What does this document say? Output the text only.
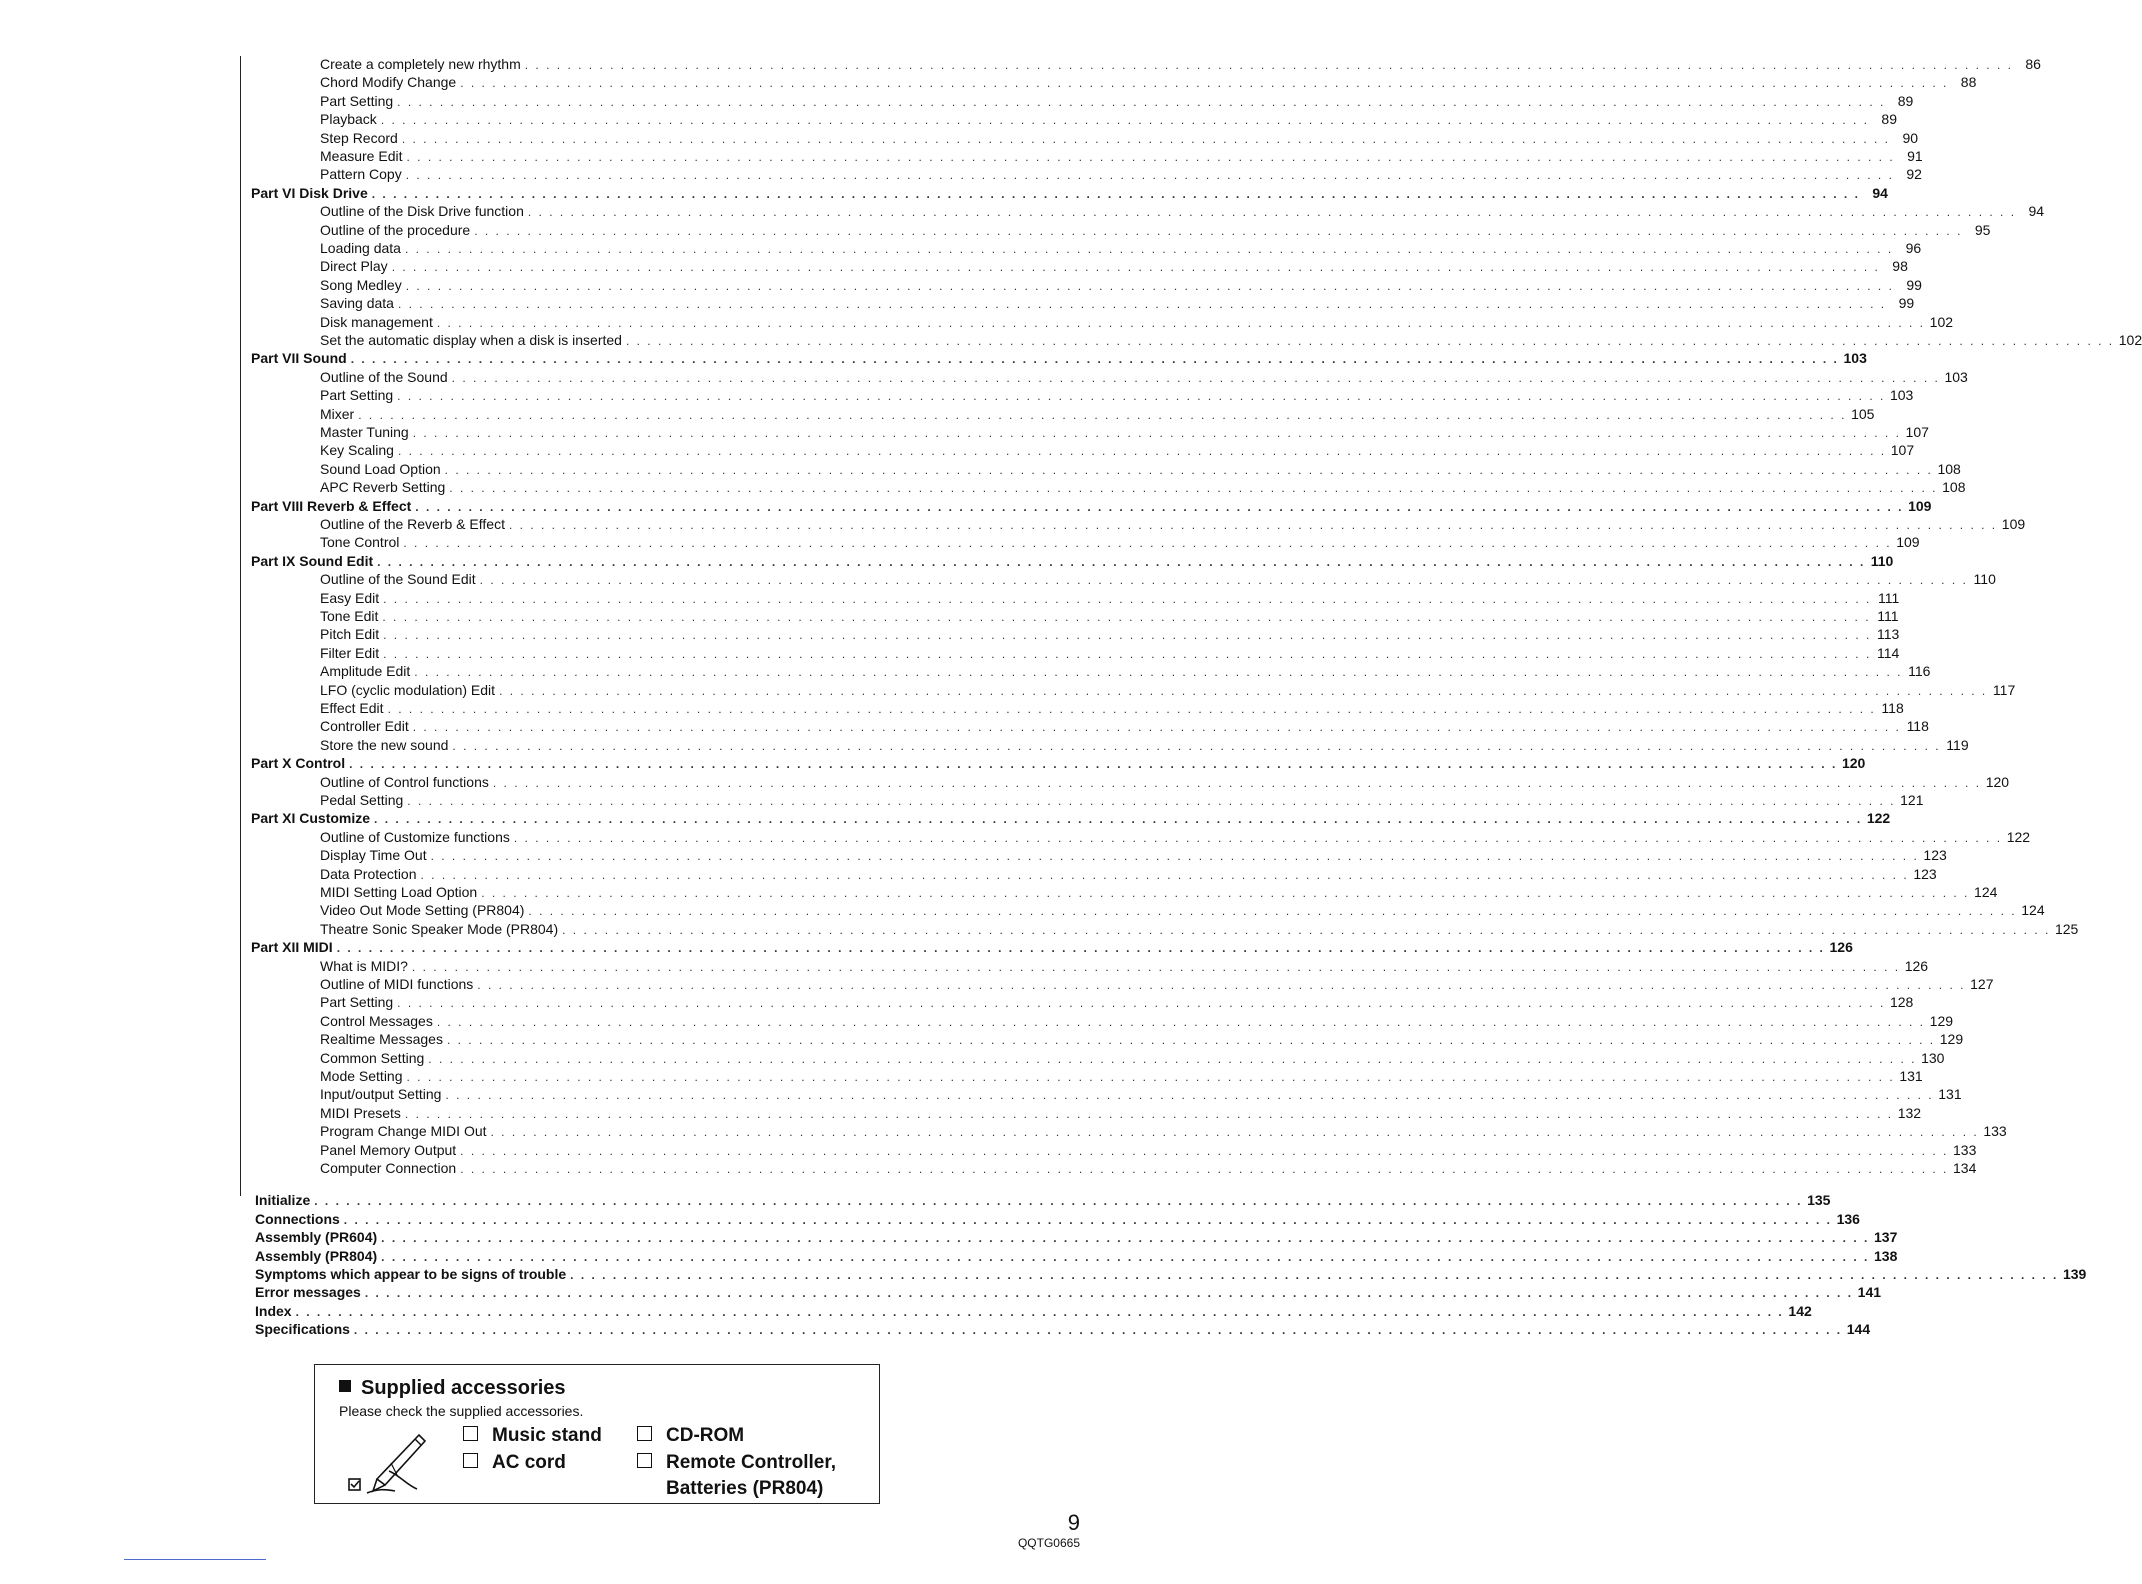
Create a completely new rhythm . . . . . . . . . . . . . . . . . . . . . . . . . . . . . . . . . . . . . . . . . . . . . . . . . . . . . . . . . . . . . . . . . . . . . . . . . . . . . . . . . . . . . . . . . . . . . . . . . . . . . . . . . . . . . . . . . . . . . . . . . . . . . . . . . . . . . . . . . . . . 86
Chord Modify Change . . . . . . . . . . . . . . . . . . . . . . . . . . . . . . . . . . . . . . . . . . . . . . . . . . . . . . . . . . . . . . . . . . . . . . . . . . . . . . . . . . . . . . . . . . . . . . . . . . . . . . . . . . . . . . . . . . . . . . . . . . . . . . . . . . . . . . . . . . . . 88
Part Setting . . . . . . . . . . . . . . . . . . . . . . . . . . . . . . . . . . . . . . . . . . . . . . . . . . . . . . . . . . . . . . . . . . . . . . . . . . . . . . . . . . . . . . . . . . . . . . . . . . . . . . . . . . . . . . . . . . . . . . . . . . . . . . . . . . . . . . . . . . . . 89
Playback . . . . . . . . . . . . . . . . . . . . . . . . . . . . . . . . . . . . . . . . . . . . . . . . . . . . . . . . . . . . . . . . . . . . . . . . . . . . . . . . . . . . . . . . . . . . . . . . . . . . . . . . . . . . . . . . . . . . . . . . . . . . . . . . . . . . . . . . . . . . 89
Step Record . . . . . . . . . . . . . . . . . . . . . . . . . . . . . . . . . . . . . . . . . . . . . . . . . . . . . . . . . . . . . . . . . . . . . . . . . . . . . . . . . . . . . . . . . . . . . . . . . . . . . . . . . . . . . . . . . . . . . . . . . . . . . . . . . . . . . . . . . . . . 90
Measure Edit . . . . . . . . . . . . . . . . . . . . . . . . . . . . . . . . . . . . . . . . . . . . . . . . . . . . . . . . . . . . . . . . . . . . . . . . . . . . . . . . . . . . . . . . . . . . . . . . . . . . . . . . . . . . . . . . . . . . . . . . . . . . . . . . . . . . . . . . . . . . 91
Pattern Copy . . . . . . . . . . . . . . . . . . . . . . . . . . . . . . . . . . . . . . . . . . . . . . . . . . . . . . . . . . . . . . . . . . . . . . . . . . . . . . . . . . . . . . . . . . . . . . . . . . . . . . . . . . . . . . . . . . . . . . . . . . . . . . . . . . . . . . . . . . . . 92
Part VI Disk Drive . . . . . . . . . . . . . . . . . . . . . . . . . . . . . . . . . . . . . . . . . . . . . . . . . . . . . . . . . . . . . . . . . . . . . . . . . . . . . . . . . . . . . . . . . . . . . . . . . . . . . . . . . . . . . . . . . . . . . . . . . . . . . . . . . . . . . . . . . . . . 94
Outline of the Disk Drive function . . . . . . . . . . . . . . . . . . . . . . . . . . . . . . . . . . . . . . . . . . . . . . . . . . . . . . . . . . . . . . . . . . . . . . . . . . . . . . . . . . . . . . . . . . . . . . . . . . . . . . . . . . . . . . . . . . . . . . . . . . . . . . . . . . . . . . . . . . . . 94
Outline of the procedure . . . . . . . . . . . . . . . . . . . . . . . . . . . . . . . . . . . . . . . . . . . . . . . . . . . . . . . . . . . . . . . . . . . . . . . . . . . . . . . . . . . . . . . . . . . . . . . . . . . . . . . . . . . . . . . . . . . . . . . . . . . . . . . . . . . . . . . . . . . . 95
Loading data . . . . . . . . . . . . . . . . . . . . . . . . . . . . . . . . . . . . . . . . . . . . . . . . . . . . . . . . . . . . . . . . . . . . . . . . . . . . . . . . . . . . . . . . . . . . . . . . . . . . . . . . . . . . . . . . . . . . . . . . . . . . . . . . . . . . . . . . . . . . 96
Direct Play . . . . . . . . . . . . . . . . . . . . . . . . . . . . . . . . . . . . . . . . . . . . . . . . . . . . . . . . . . . . . . . . . . . . . . . . . . . . . . . . . . . . . . . . . . . . . . . . . . . . . . . . . . . . . . . . . . . . . . . . . . . . . . . . . . . . . . . . . . . . 98
Song Medley . . . . . . . . . . . . . . . . . . . . . . . . . . . . . . . . . . . . . . . . . . . . . . . . . . . . . . . . . . . . . . . . . . . . . . . . . . . . . . . . . . . . . . . . . . . . . . . . . . . . . . . . . . . . . . . . . . . . . . . . . . . . . . . . . . . . . . . . . . . . 99
Saving data . . . . . . . . . . . . . . . . . . . . . . . . . . . . . . . . . . . . . . . . . . . . . . . . . . . . . . . . . . . . . . . . . . . . . . . . . . . . . . . . . . . . . . . . . . . . . . . . . . . . . . . . . . . . . . . . . . . . . . . . . . . . . . . . . . . . . . . . . . . . 99
Disk management . . . . . . . . . . . . . . . . . . . . . . . . . . . . . . . . . . . . . . . . . . . . . . . . . . . . . . . . . . . . . . . . . . . . . . . . . . . . . . . . . . . . . . . . . . . . . . . . . . . . . . . . . . . . . . . . . . . . . . . . . . . . . . . . . . . . . . . . . . . . 102
Set the automatic display when a disk is inserted . . . . . . . . . . . . . . . . . . . . . . . . . . . . . . . . . . . . . . . . . . . . . . . . . . . . . . . . . . . . . . . . . . . . . . . . . . . . . . . . . . . . . . . . . . . . . . . . . . . . . . . . . . . . . . . . . . . . . . . . . . . . . . . . . . . . . . . . . . . . 102
Part VII Sound . . . . . . . . . . . . . . . . . . . . . . . . . . . . . . . . . . . . . . . . . . . . . . . . . . . . . . . . . . . . . . . . . . . . . . . . . . . . . . . . . . . . . . . . . . . . . . . . . . . . . . . . . . . . . . . . . . . . . . . . . . . . . . . . . . . . . . . . . . . . 103
Outline of the Sound . . . . . . . . . . . . . . . . . . . . . . . . . . . . . . . . . . . . . . . . . . . . . . . . . . . . . . . . . . . . . . . . . . . . . . . . . . . . . . . . . . . . . . . . . . . . . . . . . . . . . . . . . . . . . . . . . . . . . . . . . . . . . . . . . . . . . . . . . . . . 103
Part Setting . . . . . . . . . . . . . . . . . . . . . . . . . . . . . . . . . . . . . . . . . . . . . . . . . . . . . . . . . . . . . . . . . . . . . . . . . . . . . . . . . . . . . . . . . . . . . . . . . . . . . . . . . . . . . . . . . . . . . . . . . . . . . . . . . . . . . . . . . . . . 103
Mixer . . . . . . . . . . . . . . . . . . . . . . . . . . . . . . . . . . . . . . . . . . . . . . . . . . . . . . . . . . . . . . . . . . . . . . . . . . . . . . . . . . . . . . . . . . . . . . . . . . . . . . . . . . . . . . . . . . . . . . . . . . . . . . . . . . . . . . . . . . . . 105
Master Tuning . . . . . . . . . . . . . . . . . . . . . . . . . . . . . . . . . . . . . . . . . . . . . . . . . . . . . . . . . . . . . . . . . . . . . . . . . . . . . . . . . . . . . . . . . . . . . . . . . . . . . . . . . . . . . . . . . . . . . . . . . . . . . . . . . . . . . . . . . . . . 107
Key Scaling . . . . . . . . . . . . . . . . . . . . . . . . . . . . . . . . . . . . . . . . . . . . . . . . . . . . . . . . . . . . . . . . . . . . . . . . . . . . . . . . . . . . . . . . . . . . . . . . . . . . . . . . . . . . . . . . . . . . . . . . . . . . . . . . . . . . . . . . . . . . 107
Sound Load Option . . . . . . . . . . . . . . . . . . . . . . . . . . . . . . . . . . . . . . . . . . . . . . . . . . . . . . . . . . . . . . . . . . . . . . . . . . . . . . . . . . . . . . . . . . . . . . . . . . . . . . . . . . . . . . . . . . . . . . . . . . . . . . . . . . . . . . . . . . . . 108
APC Reverb Setting . . . . . . . . . . . . . . . . . . . . . . . . . . . . . . . . . . . . . . . . . . . . . . . . . . . . . . . . . . . . . . . . . . . . . . . . . . . . . . . . . . . . . . . . . . . . . . . . . . . . . . . . . . . . . . . . . . . . . . . . . . . . . . . . . . . . . . . . . . . . 108
Part VIII Reverb & Effect . . . . . . . . . . . . . . . . . . . . . . . . . . . . . . . . . . . . . . . . . . . . . . . . . . . . . . . . . . . . . . . . . . . . . . . . . . . . . . . . . . . . . . . . . . . . . . . . . . . . . . . . . . . . . . . . . . . . . . . . . . . . . . . . . . . . . . . . . . . . 109
Outline of the Reverb & Effect . . . . . . . . . . . . . . . . . . . . . . . . . . . . . . . . . . . . . . . . . . . . . . . . . . . . . . . . . . . . . . . . . . . . . . . . . . . . . . . . . . . . . . . . . . . . . . . . . . . . . . . . . . . . . . . . . . . . . . . . . . . . . . . . . . . . . . . . . . . . 109
Tone Control . . . . . . . . . . . . . . . . . . . . . . . . . . . . . . . . . . . . . . . . . . . . . . . . . . . . . . . . . . . . . . . . . . . . . . . . . . . . . . . . . . . . . . . . . . . . . . . . . . . . . . . . . . . . . . . . . . . . . . . . . . . . . . . . . . . . . . . . . . . . 109
Part IX Sound Edit . . . . . . . . . . . . . . . . . . . . . . . . . . . . . . . . . . . . . . . . . . . . . . . . . . . . . . . . . . . . . . . . . . . . . . . . . . . . . . . . . . . . . . . . . . . . . . . . . . . . . . . . . . . . . . . . . . . . . . . . . . . . . . . . . . . . . . . . . . . . 110
Outline of the Sound Edit . . . . . . . . . . . . . . . . . . . . . . . . . . . . . . . . . . . . . . . . . . . . . . . . . . . . . . . . . . . . . . . . . . . . . . . . . . . . . . . . . . . . . . . . . . . . . . . . . . . . . . . . . . . . . . . . . . . . . . . . . . . . . . . . . . . . . . . . . . . . 110
Easy Edit . . . . . . . . . . . . . . . . . . . . . . . . . . . . . . . . . . . . . . . . . . . . . . . . . . . . . . . . . . . . . . . . . . . . . . . . . . . . . . . . . . . . . . . . . . . . . . . . . . . . . . . . . . . . . . . . . . . . . . . . . . . . . . . . . . . . . . . . . . . . 111
Tone Edit . . . . . . . . . . . . . . . . . . . . . . . . . . . . . . . . . . . . . . . . . . . . . . . . . . . . . . . . . . . . . . . . . . . . . . . . . . . . . . . . . . . . . . . . . . . . . . . . . . . . . . . . . . . . . . . . . . . . . . . . . . . . . . . . . . . . . . . . . . . . 111
Pitch Edit . . . . . . . . . . . . . . . . . . . . . . . . . . . . . . . . . . . . . . . . . . . . . . . . . . . . . . . . . . . . . . . . . . . . . . . . . . . . . . . . . . . . . . . . . . . . . . . . . . . . . . . . . . . . . . . . . . . . . . . . . . . . . . . . . . . . . . . . . . . . 113
Filter Edit . . . . . . . . . . . . . . . . . . . . . . . . . . . . . . . . . . . . . . . . . . . . . . . . . . . . . . . . . . . . . . . . . . . . . . . . . . . . . . . . . . . . . . . . . . . . . . . . . . . . . . . . . . . . . . . . . . . . . . . . . . . . . . . . . . . . . . . . . . . . 114
Amplitude Edit . . . . . . . . . . . . . . . . . . . . . . . . . . . . . . . . . . . . . . . . . . . . . . . . . . . . . . . . . . . . . . . . . . . . . . . . . . . . . . . . . . . . . . . . . . . . . . . . . . . . . . . . . . . . . . . . . . . . . . . . . . . . . . . . . . . . . . . . . . . . 116
LFO (cyclic modulation) Edit . . . . . . . . . . . . . . . . . . . . . . . . . . . . . . . . . . . . . . . . . . . . . . . . . . . . . . . . . . . . . . . . . . . . . . . . . . . . . . . . . . . . . . . . . . . . . . . . . . . . . . . . . . . . . . . . . . . . . . . . . . . . . . . . . . . . . . . . . . . . 117
Effect Edit . . . . . . . . . . . . . . . . . . . . . . . . . . . . . . . . . . . . . . . . . . . . . . . . . . . . . . . . . . . . . . . . . . . . . . . . . . . . . . . . . . . . . . . . . . . . . . . . . . . . . . . . . . . . . . . . . . . . . . . . . . . . . . . . . . . . . . . . . . . . 118
Controller Edit . . . . . . . . . . . . . . . . . . . . . . . . . . . . . . . . . . . . . . . . . . . . . . . . . . . . . . . . . . . . . . . . . . . . . . . . . . . . . . . . . . . . . . . . . . . . . . . . . . . . . . . . . . . . . . . . . . . . . . . . . . . . . . . . . . . . . . . . . . . . 118
Store the new sound . . . . . . . . . . . . . . . . . . . . . . . . . . . . . . . . . . . . . . . . . . . . . . . . . . . . . . . . . . . . . . . . . . . . . . . . . . . . . . . . . . . . . . . . . . . . . . . . . . . . . . . . . . . . . . . . . . . . . . . . . . . . . . . . . . . . . . . . . . . . 119
Part X Control . . . . . . . . . . . . . . . . . . . . . . . . . . . . . . . . . . . . . . . . . . . . . . . . . . . . . . . . . . . . . . . . . . . . . . . . . . . . . . . . . . . . . . . . . . . . . . . . . . . . . . . . . . . . . . . . . . . . . . . . . . . . . . . . . . . . . . . . . . . . 120
Outline of Control functions . . . . . . . . . . . . . . . . . . . . . . . . . . . . . . . . . . . . . . . . . . . . . . . . . . . . . . . . . . . . . . . . . . . . . . . . . . . . . . . . . . . . . . . . . . . . . . . . . . . . . . . . . . . . . . . . . . . . . . . . . . . . . . . . . . . . . . . . . . . . 120
Pedal Setting . . . . . . . . . . . . . . . . . . . . . . . . . . . . . . . . . . . . . . . . . . . . . . . . . . . . . . . . . . . . . . . . . . . . . . . . . . . . . . . . . . . . . . . . . . . . . . . . . . . . . . . . . . . . . . . . . . . . . . . . . . . . . . . . . . . . . . . . . . . . 121
Part XI Customize . . . . . . . . . . . . . . . . . . . . . . . . . . . . . . . . . . . . . . . . . . . . . . . . . . . . . . . . . . . . . . . . . . . . . . . . . . . . . . . . . . . . . . . . . . . . . . . . . . . . . . . . . . . . . . . . . . . . . . . . . . . . . . . . . . . . . . . . . . . . 122
Outline of Customize functions . . . . . . . . . . . . . . . . . . . . . . . . . . . . . . . . . . . . . . . . . . . . . . . . . . . . . . . . . . . . . . . . . . . . . . . . . . . . . . . . . . . . . . . . . . . . . . . . . . . . . . . . . . . . . . . . . . . . . . . . . . . . . . . . . . . . . . . . . . . . 122
Display Time Out . . . . . . . . . . . . . . . . . . . . . . . . . . . . . . . . . . . . . . . . . . . . . . . . . . . . . . . . . . . . . . . . . . . . . . . . . . . . . . . . . . . . . . . . . . . . . . . . . . . . . . . . . . . . . . . . . . . . . . . . . . . . . . . . . . . . . . . . . . . . 123
Data Protection . . . . . . . . . . . . . . . . . . . . . . . . . . . . . . . . . . . . . . . . . . . . . . . . . . . . . . . . . . . . . . . . . . . . . . . . . . . . . . . . . . . . . . . . . . . . . . . . . . . . . . . . . . . . . . . . . . . . . . . . . . . . . . . . . . . . . . . . . . . . 123
MIDI Setting Load Option . . . . . . . . . . . . . . . . . . . . . . . . . . . . . . . . . . . . . . . . . . . . . . . . . . . . . . . . . . . . . . . . . . . . . . . . . . . . . . . . . . . . . . . . . . . . . . . . . . . . . . . . . . . . . . . . . . . . . . . . . . . . . . . . . . . . . . . . . . . . 124
Video Out Mode Setting (PR804) . . . . . . . . . . . . . . . . . . . . . . . . . . . . . . . . . . . . . . . . . . . . . . . . . . . . . . . . . . . . . . . . . . . . . . . . . . . . . . . . . . . . . . . . . . . . . . . . . . . . . . . . . . . . . . . . . . . . . . . . . . . . . . . . . . . . . . . . . . . . 124
Theatre Sonic Speaker Mode (PR804) . . . . . . . . . . . . . . . . . . . . . . . . . . . . . . . . . . . . . . . . . . . . . . . . . . . . . . . . . . . . . . . . . . . . . . . . . . . . . . . . . . . . . . . . . . . . . . . . . . . . . . . . . . . . . . . . . . . . . . . . . . . . . . . . . . . . . . . . . . . . 125
Part XII MIDI . . . . . . . . . . . . . . . . . . . . . . . . . . . . . . . . . . . . . . . . . . . . . . . . . . . . . . . . . . . . . . . . . . . . . . . . . . . . . . . . . . . . . . . . . . . . . . . . . . . . . . . . . . . . . . . . . . . . . . . . . . . . . . . . . . . . . . . . . . . . 126
What is MIDI? . . . . . . . . . . . . . . . . . . . . . . . . . . . . . . . . . . . . . . . . . . . . . . . . . . . . . . . . . . . . . . . . . . . . . . . . . . . . . . . . . . . . . . . . . . . . . . . . . . . . . . . . . . . . . . . . . . . . . . . . . . . . . . . . . . . . . . . . . . . . 126
Outline of MIDI functions . . . . . . . . . . . . . . . . . . . . . . . . . . . . . . . . . . . . . . . . . . . . . . . . . . . . . . . . . . . . . . . . . . . . . . . . . . . . . . . . . . . . . . . . . . . . . . . . . . . . . . . . . . . . . . . . . . . . . . . . . . . . . . . . . . . . . . . . . . . . 127
Part Setting . . . . . . . . . . . . . . . . . . . . . . . . . . . . . . . . . . . . . . . . . . . . . . . . . . . . . . . . . . . . . . . . . . . . . . . . . . . . . . . . . . . . . . . . . . . . . . . . . . . . . . . . . . . . . . . . . . . . . . . . . . . . . . . . . . . . . . . . . . . . 128
Control Messages . . . . . . . . . . . . . . . . . . . . . . . . . . . . . . . . . . . . . . . . . . . . . . . . . . . . . . . . . . . . . . . . . . . . . . . . . . . . . . . . . . . . . . . . . . . . . . . . . . . . . . . . . . . . . . . . . . . . . . . . . . . . . . . . . . . . . . . . . . . . 129
Realtime Messages . . . . . . . . . . . . . . . . . . . . . . . . . . . . . . . . . . . . . . . . . . . . . . . . . . . . . . . . . . . . . . . . . . . . . . . . . . . . . . . . . . . . . . . . . . . . . . . . . . . . . . . . . . . . . . . . . . . . . . . . . . . . . . . . . . . . . . . . . . . . 129
Common Setting . . . . . . . . . . . . . . . . . . . . . . . . . . . . . . . . . . . . . . . . . . . . . . . . . . . . . . . . . . . . . . . . . . . . . . . . . . . . . . . . . . . . . . . . . . . . . . . . . . . . . . . . . . . . . . . . . . . . . . . . . . . . . . . . . . . . . . . . . . . . 130
Mode Setting . . . . . . . . . . . . . . . . . . . . . . . . . . . . . . . . . . . . . . . . . . . . . . . . . . . . . . . . . . . . . . . . . . . . . . . . . . . . . . . . . . . . . . . . . . . . . . . . . . . . . . . . . . . . . . . . . . . . . . . . . . . . . . . . . . . . . . . . . . . . 131
Input/output Setting . . . . . . . . . . . . . . . . . . . . . . . . . . . . . . . . . . . . . . . . . . . . . . . . . . . . . . . . . . . . . . . . . . . . . . . . . . . . . . . . . . . . . . . . . . . . . . . . . . . . . . . . . . . . . . . . . . . . . . . . . . . . . . . . . . . . . . . . . . . . 131
MIDI Presets . . . . . . . . . . . . . . . . . . . . . . . . . . . . . . . . . . . . . . . . . . . . . . . . . . . . . . . . . . . . . . . . . . . . . . . . . . . . . . . . . . . . . . . . . . . . . . . . . . . . . . . . . . . . . . . . . . . . . . . . . . . . . . . . . . . . . . . . . . . . 132
Program Change MIDI Out . . . . . . . . . . . . . . . . . . . . . . . . . . . . . . . . . . . . . . . . . . . . . . . . . . . . . . . . . . . . . . . . . . . . . . . . . . . . . . . . . . . . . . . . . . . . . . . . . . . . . . . . . . . . . . . . . . . . . . . . . . . . . . . . . . . . . . . . . . . . 133
Panel Memory Output . . . . . . . . . . . . . . . . . . . . . . . . . . . . . . . . . . . . . . . . . . . . . . . . . . . . . . . . . . . . . . . . . . . . . . . . . . . . . . . . . . . . . . . . . . . . . . . . . . . . . . . . . . . . . . . . . . . . . . . . . . . . . . . . . . . . . . . . . . . . 133
Computer Connection . . . . . . . . . . . . . . . . . . . . . . . . . . . . . . . . . . . . . . . . . . . . . . . . . . . . . . . . . . . . . . . . . . . . . . . . . . . . . . . . . . . . . . . . . . . . . . . . . . . . . . . . . . . . . . . . . . . . . . . . . . . . . . . . . . . . . . . . . . . . 134
Initialize . . . . . . . . . . . . . . . . . . . . . . . . . . . . . . . . . . . . . . . . . . . . . . . . . . . . . . . . . . . . . . . . . . . . . . . . . . . . . . . . . . . . . . . . . . . . . . . . . . . . . . . . . . . . . . . . . . . . . . . . . . . . . . . . . . . . . . . . . . . . 135
Connections . . . . . . . . . . . . . . . . . . . . . . . . . . . . . . . . . . . . . . . . . . . . . . . . . . . . . . . . . . . . . . . . . . . . . . . . . . . . . . . . . . . . . . . . . . . . . . . . . . . . . . . . . . . . . . . . . . . . . . . . . . . . . . . . . . . . . . . . . . . . 136
Assembly (PR604) . . . . . . . . . . . . . . . . . . . . . . . . . . . . . . . . . . . . . . . . . . . . . . . . . . . . . . . . . . . . . . . . . . . . . . . . . . . . . . . . . . . . . . . . . . . . . . . . . . . . . . . . . . . . . . . . . . . . . . . . . . . . . . . . . . . . . . . . . . . . 137
Assembly (PR804) . . . . . . . . . . . . . . . . . . . . . . . . . . . . . . . . . . . . . . . . . . . . . . . . . . . . . . . . . . . . . . . . . . . . . . . . . . . . . . . . . . . . . . . . . . . . . . . . . . . . . . . . . . . . . . . . . . . . . . . . . . . . . . . . . . . . . . . . . . . . 138
Symptoms which appear to be signs of trouble . . . . . . . . . . . . . . . . . . . . . . . . . . . . . . . . . . . . . . . . . . . . . . . . . . . . . . . . . . . . . . . . . . . . . . . . . . . . . . . . . . . . . . . . . . . . . . . . . . . . . . . . . . . . . . . . . . . . . . . . . . . . . . . . . . . . . . . . . . . . 139
Error messages . . . . . . . . . . . . . . . . . . . . . . . . . . . . . . . . . . . . . . . . . . . . . . . . . . . . . . . . . . . . . . . . . . . . . . . . . . . . . . . . . . . . . . . . . . . . . . . . . . . . . . . . . . . . . . . . . . . . . . . . . . . . . . . . . . . . . . . . . . . . 141
Index . . . . . . . . . . . . . . . . . . . . . . . . . . . . . . . . . . . . . . . . . . . . . . . . . . . . . . . . . . . . . . . . . . . . . . . . . . . . . . . . . . . . . . . . . . . . . . . . . . . . . . . . . . . . . . . . . . . . . . . . . . . . . . . . . . . . . . . . . . . . 142
Specifications . . . . . . . . . . . . . . . . . . . . . . . . . . . . . . . . . . . . . . . . . . . . . . . . . . . . . . . . . . . . . . . . . . . . . . . . . . . . . . . . . . . . . . . . . . . . . . . . . . . . . . . . . . . . . . . . . . . . . . . . . . . . . . . . . . . . . . . . . . . . 144
Supplied accessories
Please check the supplied accessories.
Music stand
AC cord
CD-ROM
Remote Controller,
Batteries (PR804)
9
QQTG0665
